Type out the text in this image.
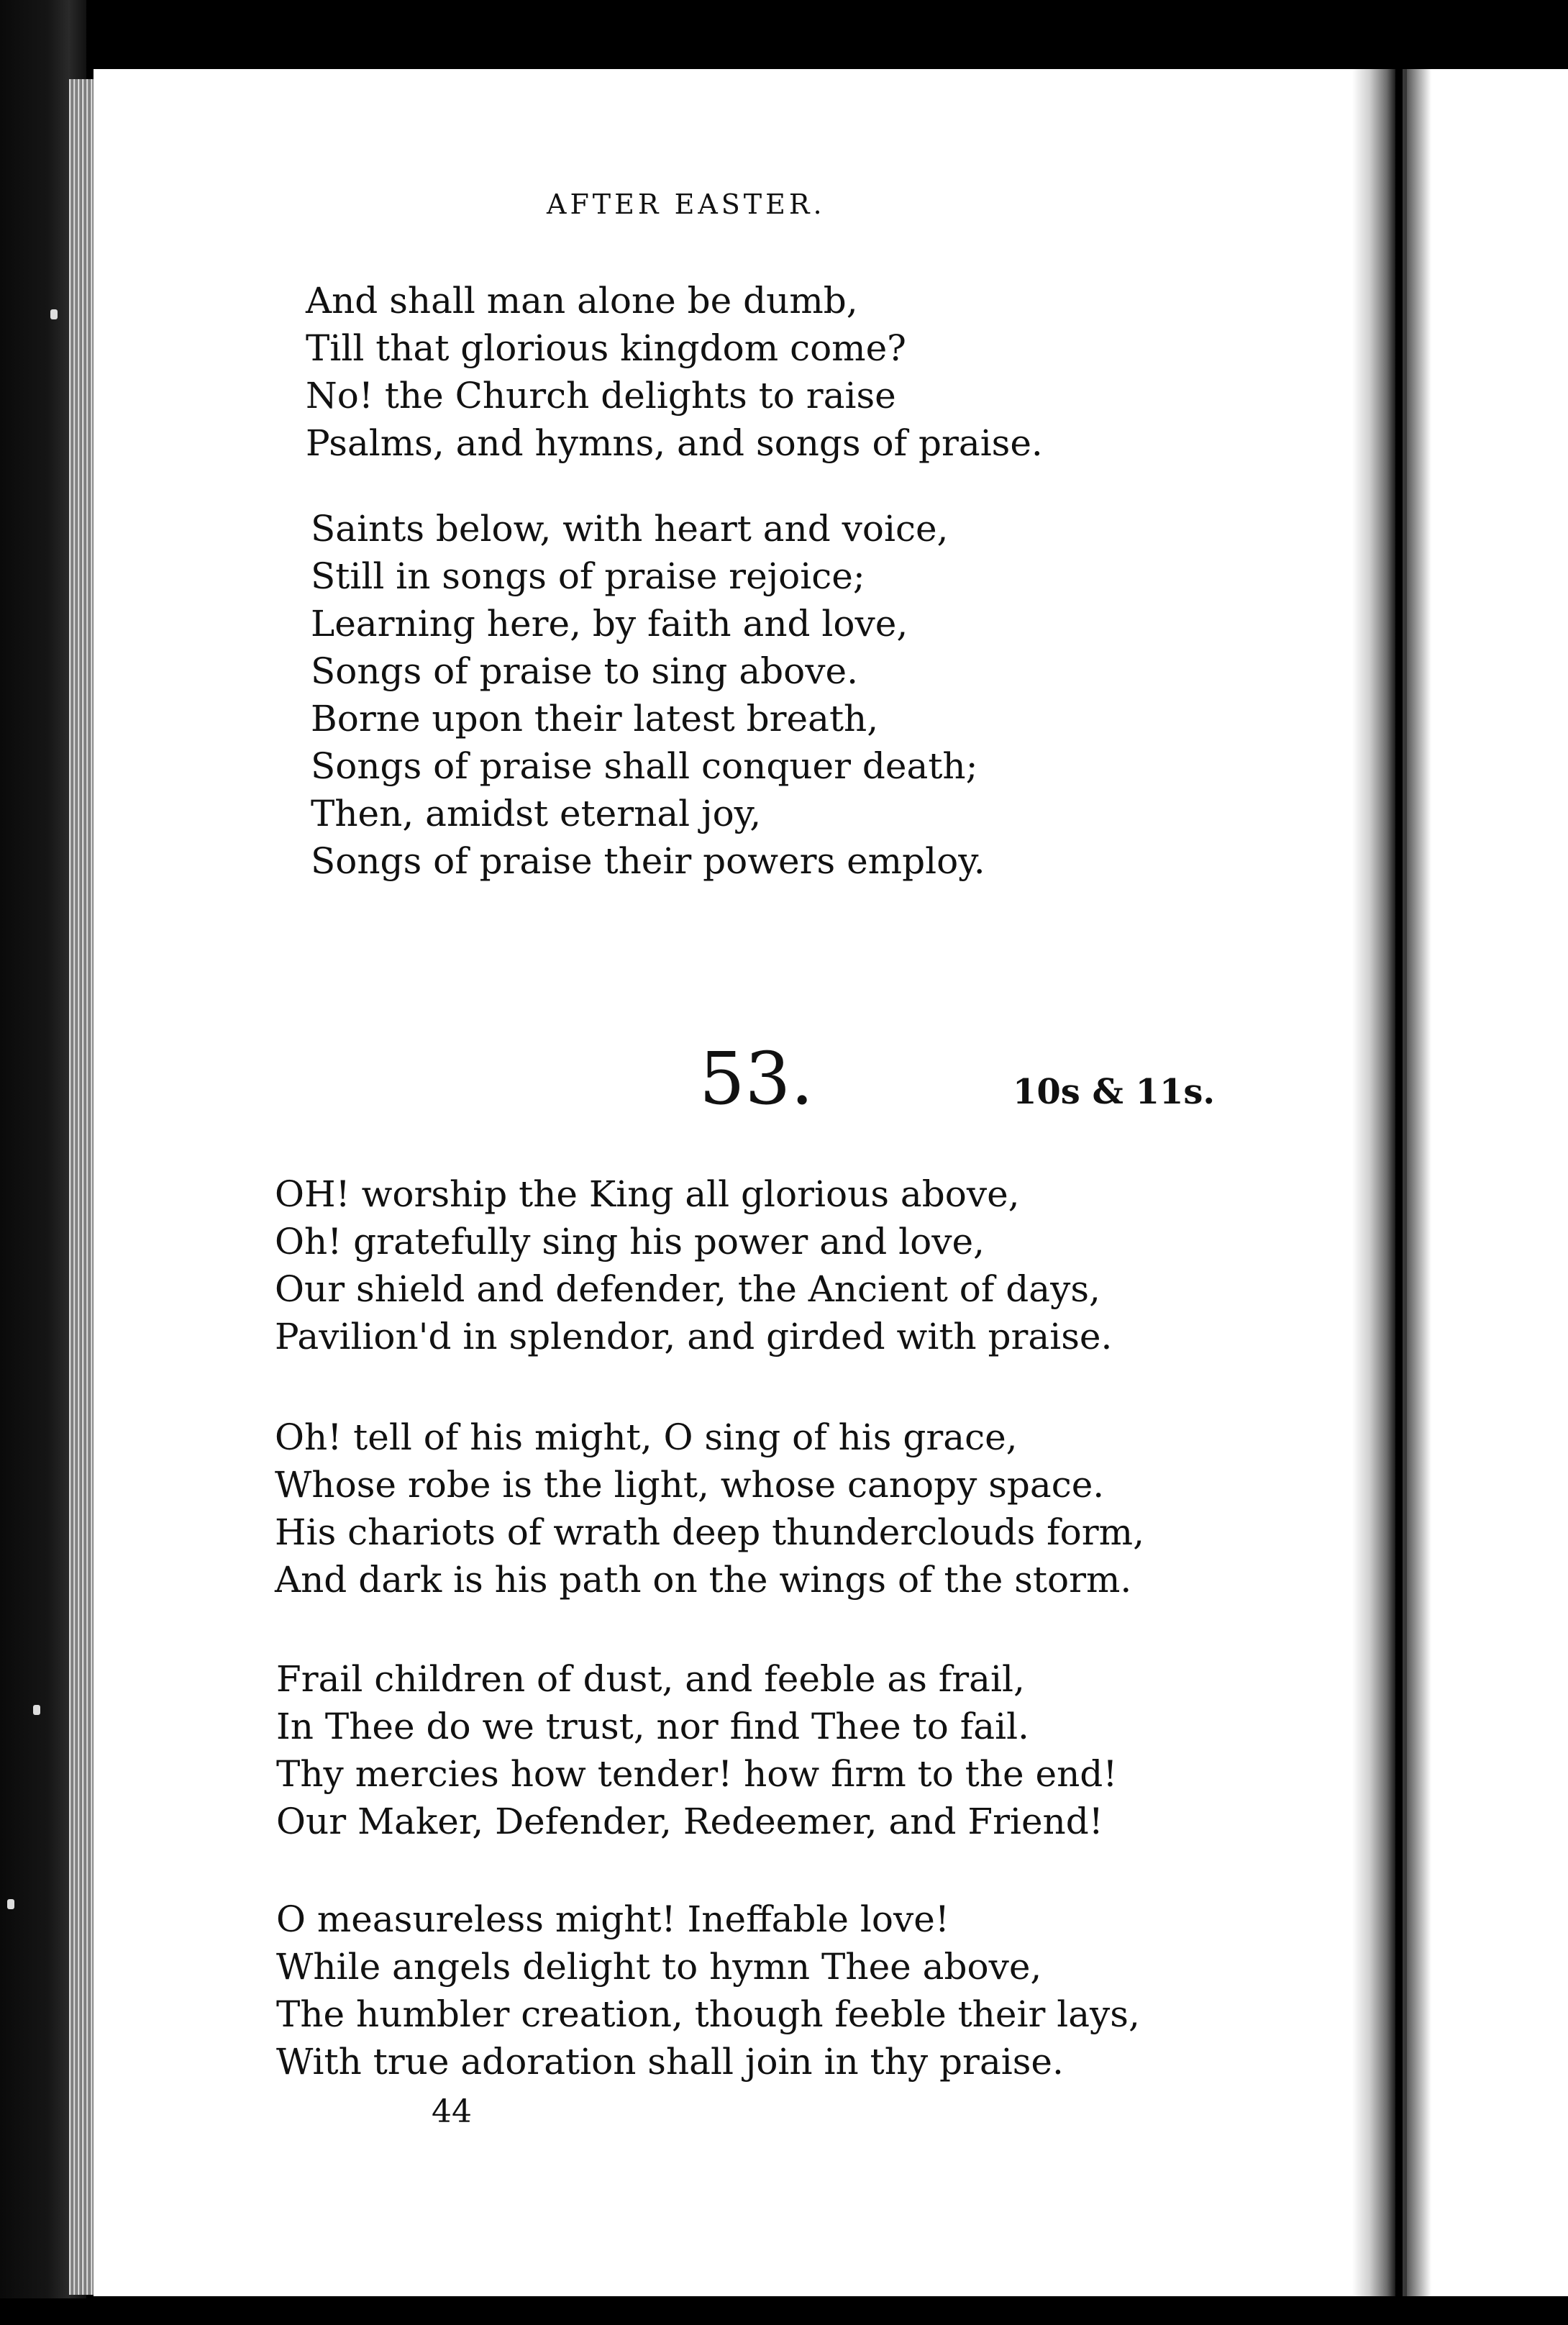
AFTER EASTER.
And shall man alone be dumb,
Till that glorious kingdom come?
No! the Church delights to raise
Psalms, and hymns, and songs of praise.
Saints below, with heart and voice,
Still in songs of praise rejoice;
Learning here, by faith and love,
Songs of praise to sing above.
Borne upon their latest breath,
Songs of praise shall conquer death;
Then, amidst eternal joy,
Songs of praise their powers employ.
53.	10s & 11s.
OH! worship the King all glorious above,
Oh! gratefully sing his power and love,
Our shield and defender, the Ancient of days,
Pavilion'd in splendor, and girded with praise.
Oh! tell of his might, O sing of his grace,
Whose robe is the light, whose canopy space.
His chariots of wrath deep thunderclouds form,
And dark is his path on the wings of the storm.
Frail children of dust, and feeble as frail,
In Thee do we trust, nor find Thee to fail.
Thy mercies how tender! how firm to the end!
Our Maker, Defender, Redeemer, and Friend!
O measureless might! Ineffable love!
While angels delight to hymn Thee above,
The humbler creation, though feeble their lays,
With true adoration shall join in thy praise.
44
